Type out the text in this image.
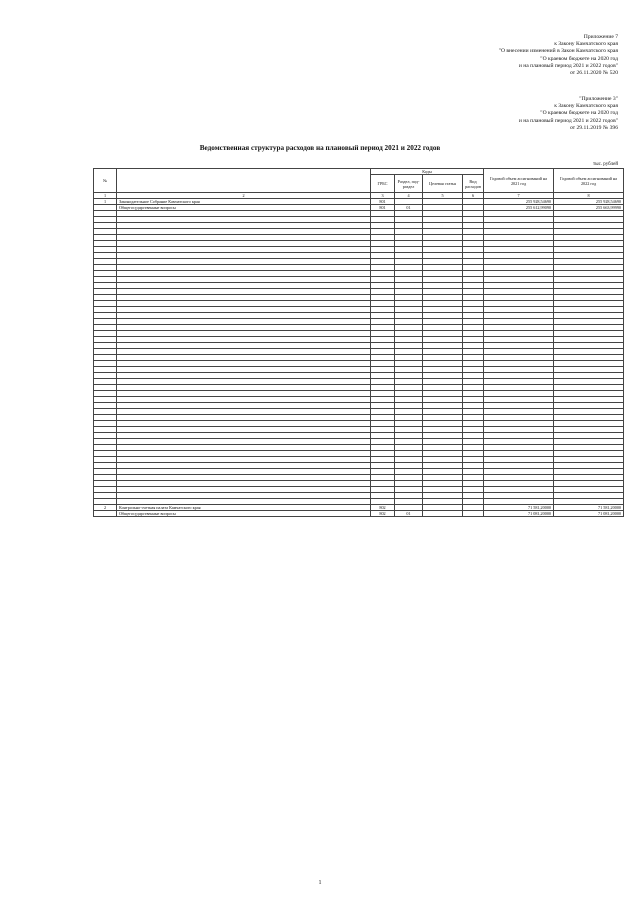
Приложение 7
к Закону Камчатского края
"О внесении изменений в Закон Камчатского края
"О краевом бюджете на 2020 год
и на плановый период 2021 и 2022 годов"
от 26.11.2020 № 520
"Приложение 3"
к Закону Камчатского края
"О краевом бюджете на 2020 год
и на плановый период 2021 и 2022 годов"
от 29.11.2019 № 396
Ведомственная структура расходов на плановый период 2021 и 2022 годов
тыс. рублей
№		Коды				Годовой объем ассигнований на 2021 год	Годовой объем ассигнований на 2022 год
		ГРБС	Раздел, под-раздел	Целевая статья	Вид расходов		
1	2	3	4	5	6	7	8
1	Законодательное Собрание Камчатского края	801				255 928,54690	255 928,54690
	Общегосударственные вопросы	801	01			255 612,99090	255 663,99990

2	Контрольно-счетная палата Камчатского края	802				71 581,20000	71 581,20000
	Общегосударственные вопросы	802	01			71 081,20000	71 081,20000
1
